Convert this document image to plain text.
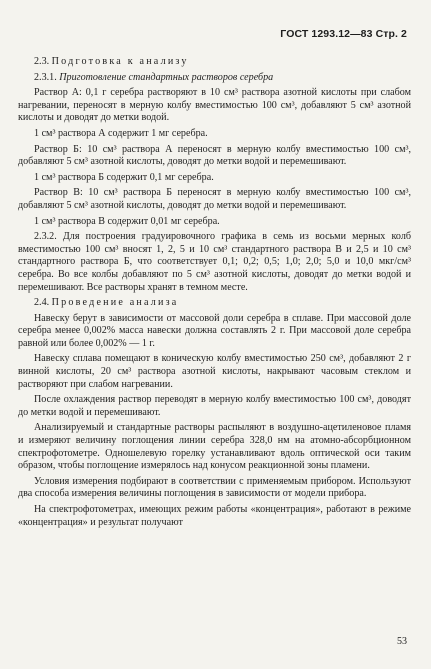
ГОСТ 1293.12—83 Стр. 2

2.3. Подготовка к анализу

2.3.1. Приготовление стандартных растворов серебра

Раствор А: 0,1 г серебра растворяют в 10 см³ раствора азотной кислоты при слабом нагревании, переносят в мерную колбу вместимостью 100 см³, добавляют 5 см³ азотной кислоты и доводят до метки водой.

1 см³ раствора А содержит 1 мг серебра.

Раствор Б: 10 см³ раствора А переносят в мерную колбу вместимостью 100 см³, добавляют 5 см³ азотной кислоты, доводят до метки водой и перемешивают.

1 см³ раствора Б содержит 0,1 мг серебра.

Раствор В: 10 см³ раствора Б переносят в мерную колбу вместимостью 100 см³, добавляют 5 см³ азотной кислоты, доводят до метки водой и перемешивают.

1 см³ раствора В содержит 0,01 мг серебра.

2.3.2. Для построения градуировочного графика в семь из восьми мерных колб вместимостью 100 см³ вносят 1, 2, 5 и 10 см³ стандартного раствора В и 2,5 и 10 см³ стандартного раствора Б, что соответствует 0,1; 0,2; 0,5; 1,0; 2,0; 5,0 и 10,0 мкг/см³ серебра. Во все колбы добавляют по 5 см³ азотной кислоты, доводят до метки водой и перемешивают. Все растворы хранят в темном месте.

2.4. Проведение анализа

Навеску берут в зависимости от массовой доли серебра в сплаве. При массовой доле серебра менее 0,002% масса навески должна составлять 2 г. При массовой доле серебра равной или более 0,002% — 1 г.

Навеску сплава помещают в коническую колбу вместимостью 250 см³, добавляют 2 г винной кислоты, 20 см³ раствора азотной кислоты, накрывают часовым стеклом и растворяют при слабом нагревании.

После охлаждения раствор переводят в мерную колбу вместимостью 100 см³, доводят до метки водой и перемешивают.

Анализируемый и стандартные растворы распыляют в воздушно-ацетиленовое пламя и измеряют величину поглощения линии серебра 328,0 нм на атомно-абсорбционном спектрофотометре. Одношелевую горелку устанавливают вдоль оптической оси таким образом, чтобы поглощение измерялось над конусом реакционной зоны пламени.

Условия измерения подбирают в соответствии с применяемым прибором. Используют два способа измерения величины поглощения в зависимости от модели прибора.

На спектрофотометрах, имеющих режим работы «концентрация», работают в режиме «концентрация» и результат получают

53
